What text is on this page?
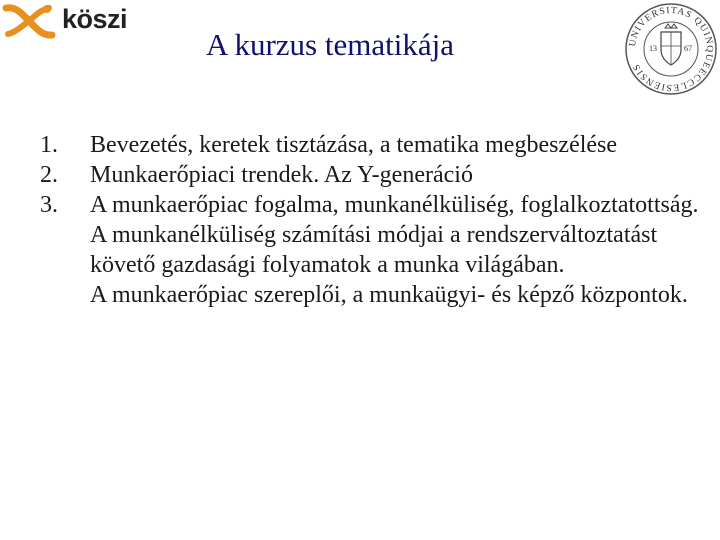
köszi
A kurzus tematikája	UNIVERSITAS QUINQUEECCLESIENSIS
13	67
1. Bevezetés, keretek tisztázása, a tematika megbeszélése
2. Munkaerőpiaci trendek. Az Y-generáció
3. A munkaerőpiac fogalma, munkanélküliség, foglalkoztatottság. A munkanélküliség számítási módjai a rendszerváltoztatást követő gazdasági folyamatok a munka világában.
A munkaerőpiac szereplői, a munkaügyi- és képző központok.
